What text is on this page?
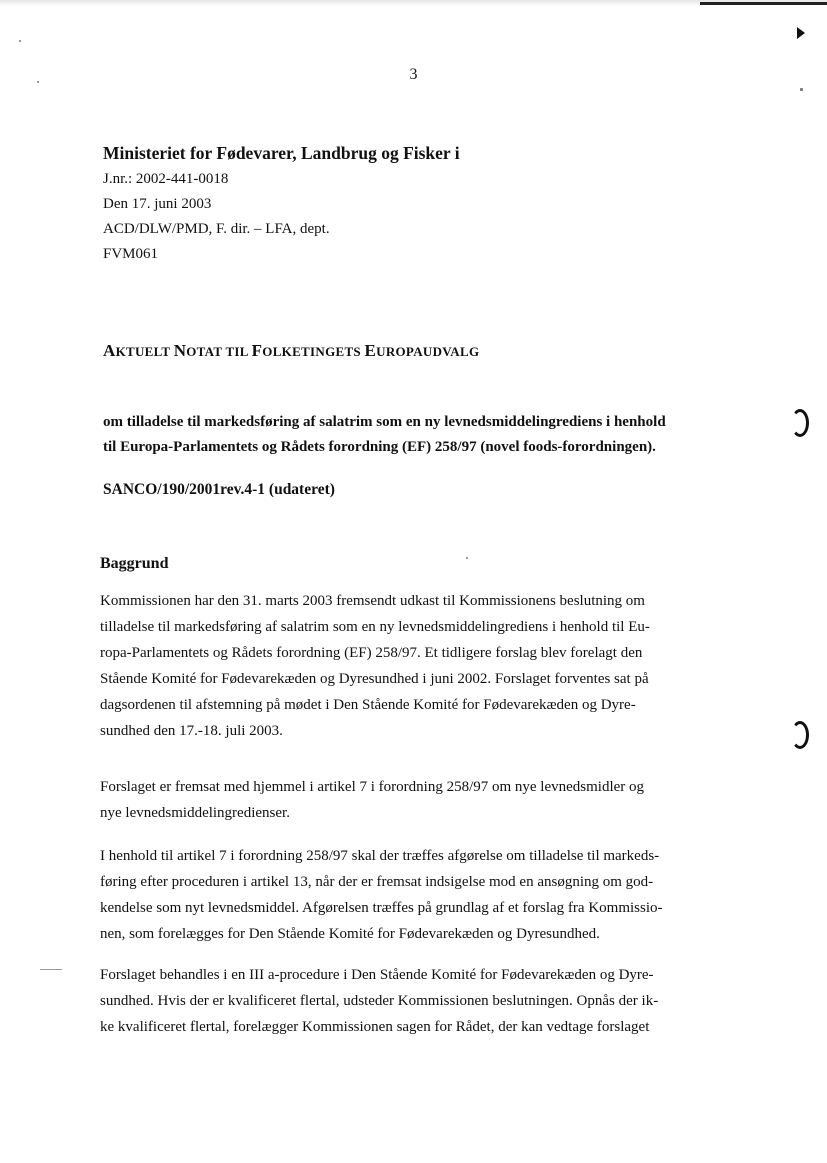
3
Ministeriet for Fødevarer, Landbrug og Fisker i
J.nr.: 2002-441-0018
Den 17. juni 2003
ACD/DLW/PMD, F. dir. – LFA, dept.
FVM061
AKTUELT NOTAT TIL FOLKETINGETS EUROPAUDVALG
om tilladelse til markedsføring af salatrim som en ny levnedsmiddelingrediens i henhold
til Europa-Parlamentets og Rådets forordning (EF) 258/97 (novel foods-forordningen).
SANCO/190/2001rev.4-1 (udateret)
Baggrund
Kommissionen har den 31. marts 2003 fremsendt udkast til Kommissionens beslutning om
tilladelse til markedsføring af salatrim som en ny levnedsmiddelingrediens i henhold til Eu-
ropa-Parlamentets og Rådets forordning (EF) 258/97. Et tidligere forslag blev forelagt den
Stående Komité for Fødevarekæden og Dyresundhed i juni 2002. Forslaget forventes sat på
dagsordenen til afstemning på mødet i Den Stående Komité for Fødevarekæden og Dyre-
sundhed den 17.-18. juli 2003.
Forslaget er fremsat med hjemmel i artikel 7 i forordning 258/97 om nye levnedsmidler og
nye levnedsmiddelingredienser.
I henhold til artikel 7 i forordning 258/97 skal der træffes afgørelse om tilladelse til markeds-
føring efter proceduren i artikel 13, når der er fremsat indsigelse mod en ansøgning om god-
kendelse som nyt levnedsmiddel. Afgørelsen træffes på grundlag af et forslag fra Kommissio-
nen, som forelægges for Den Stående Komité for Fødevarekæden og Dyresundhed.
Forslaget behandles i en III a-procedure i Den Stående Komité for Fødevarekæden og Dyre-
sundhed. Hvis der er kvalificeret flertal, udsteder Kommissionen beslutningen. Opnås der ik-
ke kvalificeret flertal, forelægger Kommissionen sagen for Rådet, der kan vedtage forslaget
